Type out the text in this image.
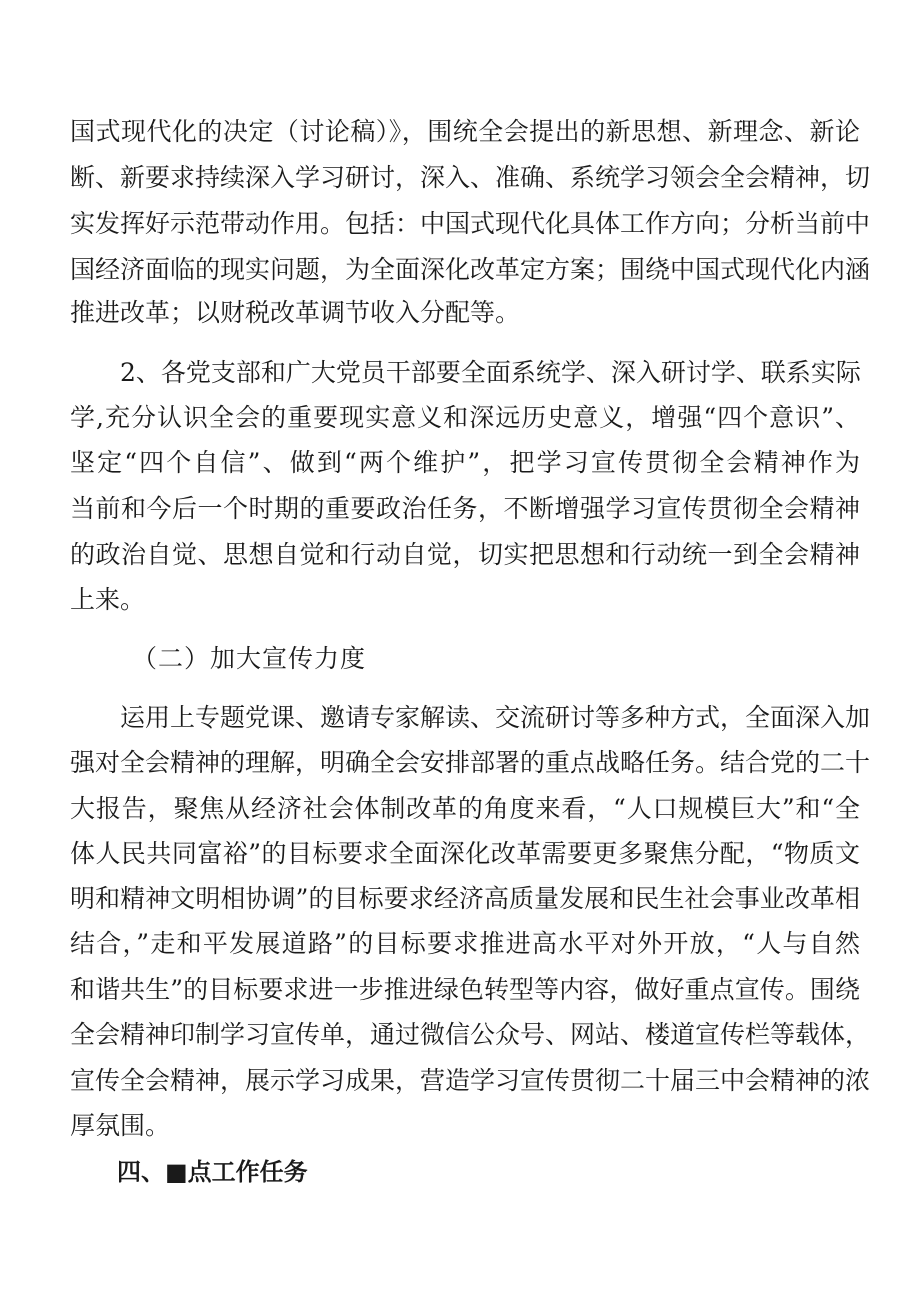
国式现代化的决定（讨论稿）》，围统全会提出的新思想、新理念、新论
断、新要求持续深入学习研讨，深入、准确、系统学习领会全会精神，切
实发挥好示范带动作用。包括：中国式现代化具体工作方向；分析当前中
国经济面临的现实问题，为全面深化改革定方案；围绕中国式现代化内涵
推进改革；以财税改革调节收入分配等。
2、各党支部和广大党员干部要全面系统学、深入研讨学、联系实际
学,充分认识全会的重要现实意义和深远历史意义，增强“四个意识”、
坚定“四个自信”、做到“两个维护”，把学习宣传贯彻全会精神作为
当前和今后一个时期的重要政治任务，不断增强学习宣传贯彻全会精神
的政治自觉、思想自觉和行动自觉，切实把思想和行动统一到全会精神
上来。
（二）加大宣传力度
运用上专题党课、邀请专家解读、交流研讨等多种方式，全面深入加
强对全会精神的理解，明确全会安排部署的重点战略任务。结合党的二十
大报告，聚焦从经济社会体制改革的角度来看，“人口规模巨大”和“全
体人民共同富裕”的目标要求全面深化改革需要更多聚焦分配，“物质文
明和精神文明相协调”的目标要求经济高质量发展和民生社会事业改革相
结合，”走和平发展道路”的目标要求推进高水平对外开放，“人与自然
和谐共生”的目标要求进一步推进绿色转型等内容，做好重点宣传。围绕
全会精神印制学习宣传单，通过微信公众号、网站、楼道宣传栏等载体，
宣传全会精神，展示学习成果，营造学习宣传贯彻二十届三中会精神的浓
厚氛围。
四、■点工作任务
